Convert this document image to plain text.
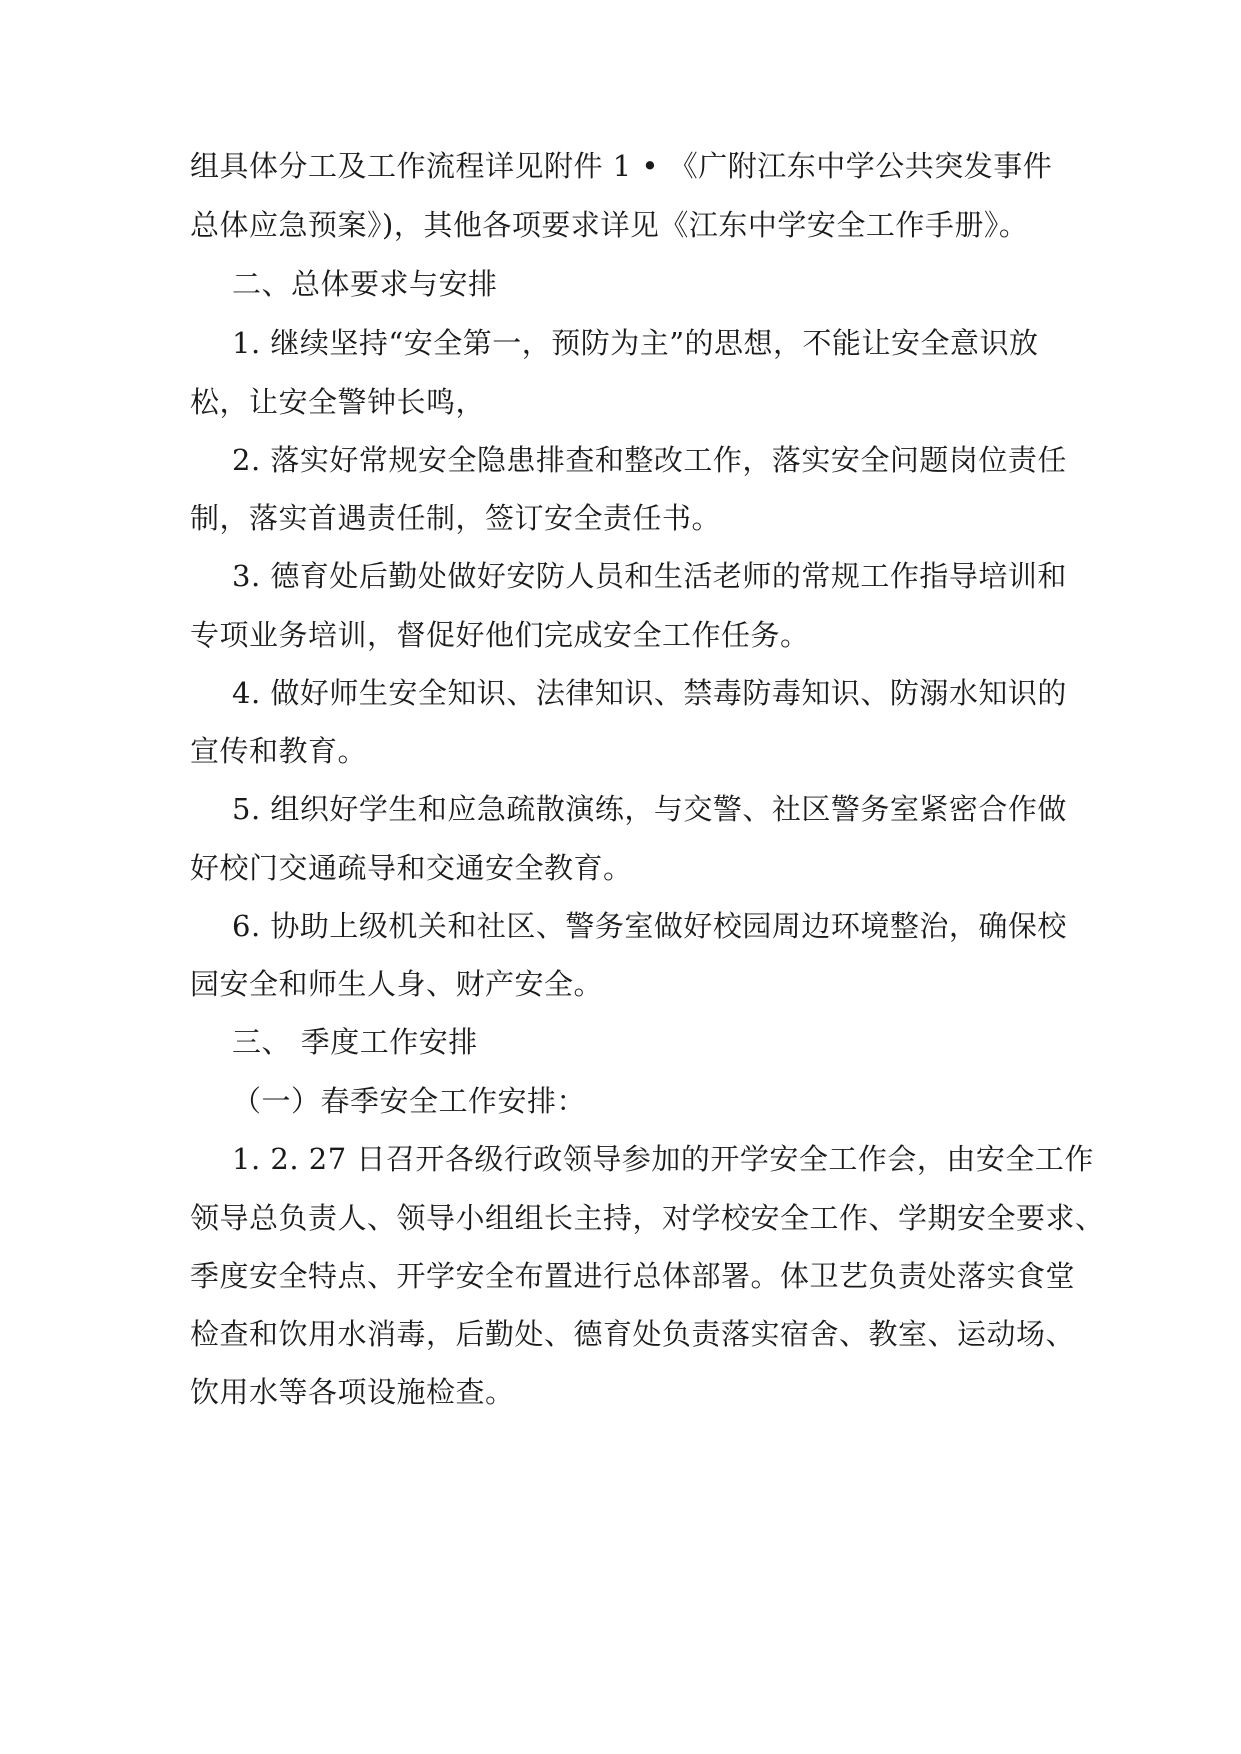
组具体分工及工作流程详见附件 1 • 《广附江东中学公共突发事件
总体应急预案》)，其他各项要求详见《江东中学安全工作手册》。
二、总体要求与安排
1. 继续坚持“安全第一，预防为主”的思想，不能让安全意识放
松，让安全警钟长鸣，
2. 落实好常规安全隐患排查和整改工作，落实安全问题岗位责任
制，落实首遇责任制，签订安全责任书。
3. 德育处后勤处做好安防人员和生活老师的常规工作指导培训和
专项业务培训，督促好他们完成安全工作任务。
4. 做好师生安全知识、法律知识、禁毒防毒知识、防溺水知识的
宣传和教育。
5. 组织好学生和应急疏散演练，与交警、社区警务室紧密合作做
好校门交通疏导和交通安全教育。
6. 协助上级机关和社区、警务室做好校园周边环境整治，确保校
园安全和师生人身、财产安全。
三、 季度工作安排
（一）春季安全工作安排：
1. 2. 27 日召开各级行政领导参加的开学安全工作会，由安全工作
领导总负责人、领导小组组长主持，对学校安全工作、学期安全要求、
季度安全特点、开学安全布置进行总体部署。体卫艺负责处落实食堂
检查和饮用水消毒，后勤处、德育处负责落实宿舍、教室、运动场、
饮用水等各项设施检查。
